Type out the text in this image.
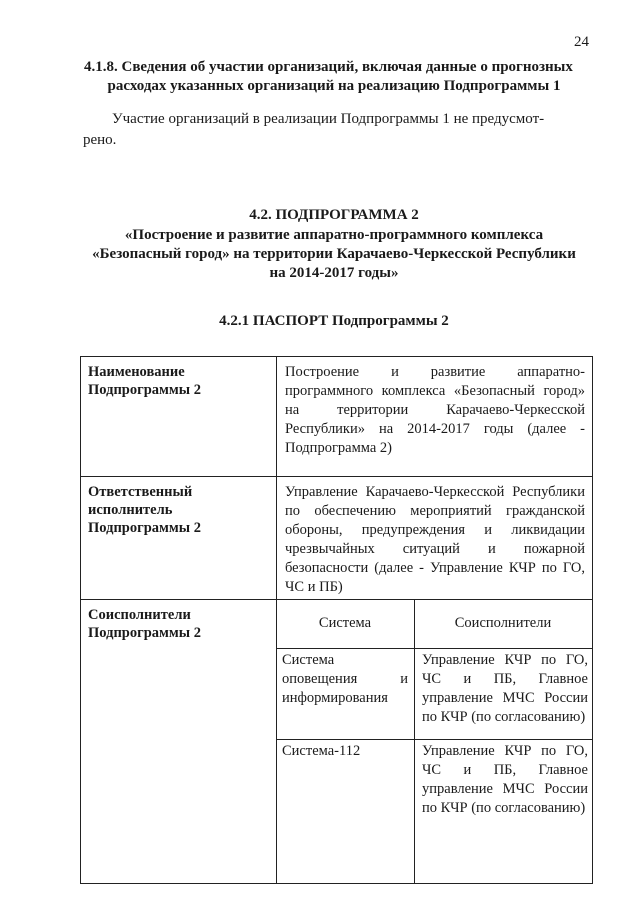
24
4.1.8. Сведения об участии организаций, включая данные о прогнозных
расходах указанных организаций на реализацию Подпрограммы 1
Участие организаций в реализации Подпрограммы 1 не предусмот-
рено.
4.2. ПОДПРОГРАММА 2
«Построение и развитие аппаратно-программного комплекса
«Безопасный город» на территории Карачаево-Черкесской Республики
на 2014-2017 годы»
4.2.1 ПАСПОРТ Подпрограммы 2
Наименование Подпрограммы 2
Построение и развитие аппаратно-программного комплекса «Безопасный город» на территории Карачаево-Черкесской Республики» на 2014-2017 годы (далее - Подпрограмма 2)
Ответственный исполнитель Подпрограммы 2
Управление Карачаево-Черкесской Республики по обеспечению мероприятий гражданской обороны, предупреждения и ликвидации чрезвычайных ситуаций и пожарной безопасности (далее - Управление КЧР по ГО, ЧС и ПБ)
Соисполнители Подпрограммы 2
Система	Соисполнители
Система оповещения и информирования
Управление КЧР по ГО, ЧС и ПБ, Главное управление МЧС России по КЧР (по согласованию)
Система-112	Управление КЧР по ГО, ЧС и ПБ, Главное управление МЧС России по КЧР (по согласованию)
